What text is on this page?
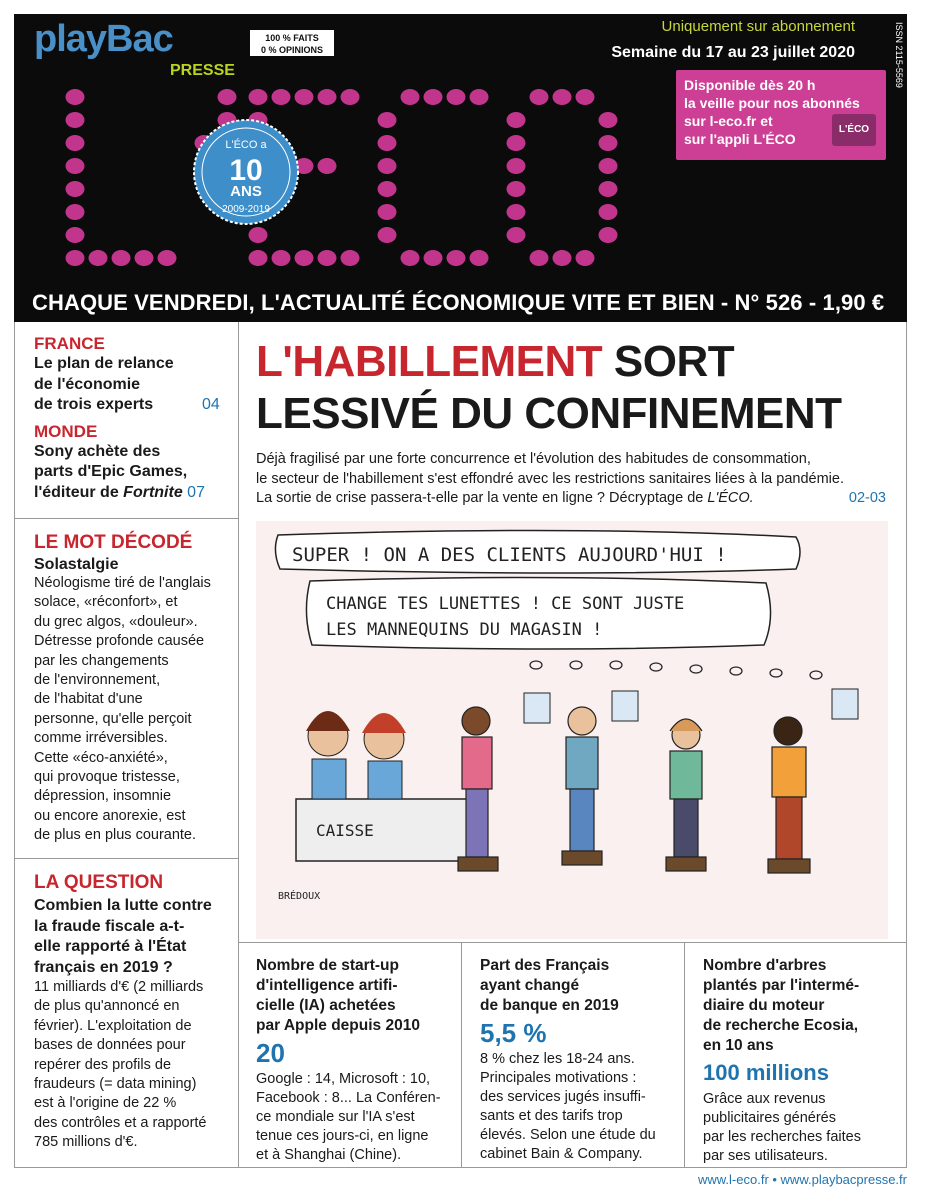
playBac
PRESSE
100 % FAITS
0 % OPINIONS
Uniquement sur abonnement
Semaine du 17 au 23 juillet 2020	ISSN 2115-5569
L'ÉCO a
10
ANS
2009-2019
Disponible dès 20 h
la veille pour nos abonnés
sur l-eco.fr et
sur l'appli L'ÉCO
L'ÉCO
CHAQUE VENDREDI, L'ACTUALITÉ ÉCONOMIQUE VITE ET BIEN - N° 526 - 1,90 €
FRANCE
Le plan de relance
de l'économie
de trois experts	04
MONDE
Sony achète des
parts d'Epic Games,
l'éditeur de Fortnite 07
LE MOT DÉCODÉ
Solastalgie
Néologisme tiré de l'anglais
solace, «réconfort», et
du grec algos, «douleur».
Détresse profonde causée
par les changements
de l'environnement,
de l'habitat d'une
personne, qu'elle perçoit
comme irréversibles.
Cette «éco-anxiété»,
qui provoque tristesse,
dépression, insomnie
ou encore anorexie, est
de plus en plus courante.
LA QUESTION
Combien la lutte contre
la fraude fiscale a-t-
elle rapporté à l'État
français en 2019 ?
11 milliards d'€ (2 milliards
de plus qu'annoncé en
février). L'exploitation de
bases de données pour
repérer des profils de
fraudeurs (= data mining)
est à l'origine de 22 %
des contrôles et a rapporté
785 millions d'€.
L'HABILLEMENT SORT
LESSIVÉ DU CONFINEMENT
Déjà fragilisé par une forte concurrence et l'évolution des habitudes de consommation,
le secteur de l'habillement s'est effondré avec les restrictions sanitaires liées à la pandémie.
La sortie de crise passera-t-elle par la vente en ligne ? Décryptage de L'ÉCO.	02-03
SUPER ! ON A DES CLIENTS AUJOURD'HUI !
CHANGE TES LUNETTES ! CE SONT JUSTE
LES MANNEQUINS DU MAGASIN !
CAISSE
BRÉDOUX
Nombre de start-up
d'intelligence artifi-
cielle (IA) achetées
par Apple depuis 2010
20
Google : 14, Microsoft : 10,
Facebook : 8... La Conféren-
ce mondiale sur l'IA s'est
tenue ces jours-ci, en ligne
et à Shanghai (Chine).
Part des Français
ayant changé
de banque en 2019
5,5 %
8 % chez les 18-24 ans.
Principales motivations :
des services jugés insuffi-
sants et des tarifs trop
élevés. Selon une étude du
cabinet Bain & Company.
Nombre d'arbres
plantés par l'intermé-
diaire du moteur
de recherche Ecosia,
en 10 ans
100 millions
Grâce aux revenus
publicitaires générés
par les recherches faites
par ses utilisateurs.
www.l-eco.fr • www.playbacpresse.fr
